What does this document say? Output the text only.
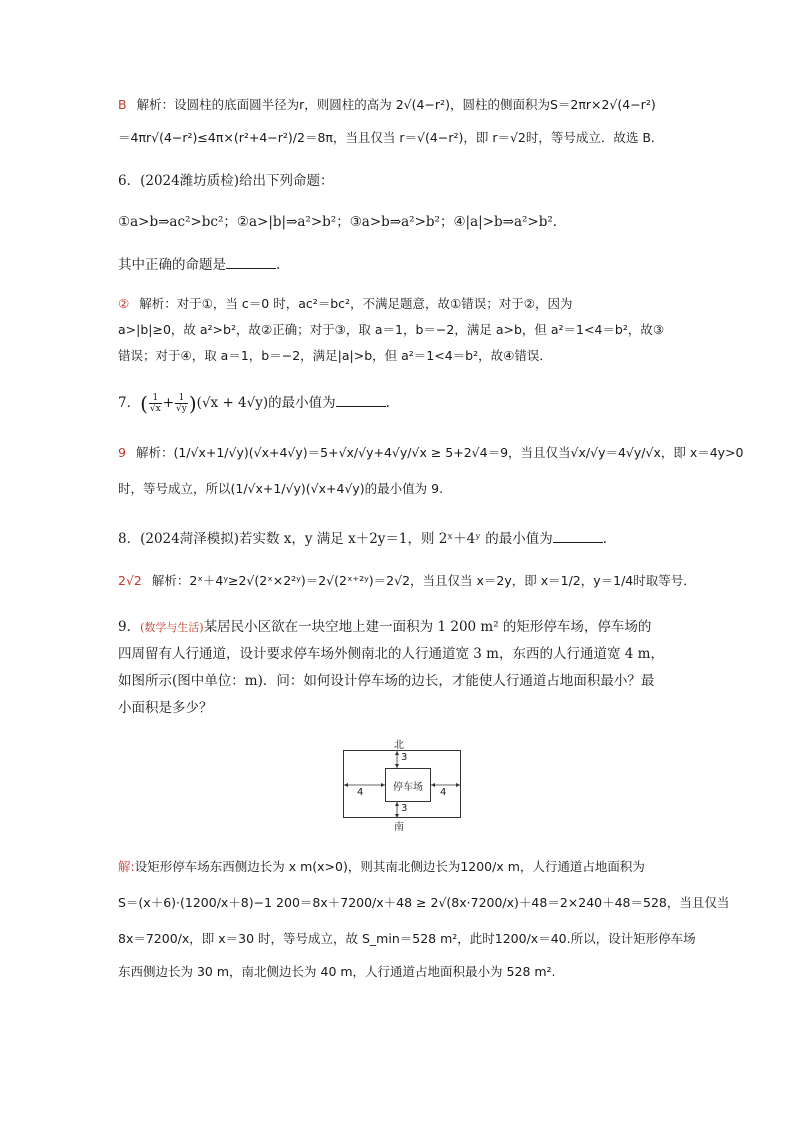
B 解析：设圆柱的底面圆半径为r，则圆柱的高为 2√(4−r²)，圆柱的侧面积为S＝2πr×2√(4−r²)
＝4πr√(4−r²)≤4π×(r²+4−r²)/2＝8π，当且仅当 r＝√(4−r²)，即 r＝√2时，等号成立．故选 B．
6．(2024潍坊质检)给出下列命题：
①a>b⇒ac²>bc²；②a>|b|⇒a²>b²；③a>b⇒a²>b²；④|a|>b⇒a²>b².
其中正确的命题是	.
② 解析：对于①，当 c＝0 时，ac²＝bc²，不满足题意，故①错误；对于②，因为
a>|b|≥0，故 a²>b²，故②正确；对于③，取 a＝1，b＝−2，满足 a>b，但 a²＝1<4＝b²，故③
错误；对于④，取 a＝1，b＝−2，满足|a|>b，但 a²＝1<4＝b²，故④错误．
7．( $\frac{1}{√x} + \frac{1}{√y} )(√x + 4√y)$的最小值为	.
9 解析：(1/√x+1/√y)(√x+4√y)＝5+√x/√y+4√y/√x ≥ 5+2√4＝9，当且仅当√x/√y＝4√y/√x，即 x＝4y>0
时，等号成立，所以(1/√x+1/√y)(√x+4√y)的最小值为 9.
8．(2024菏泽模拟)若实数 x，y 满足 x＋2y＝1，则 2ˣ＋4ʸ 的最小值为	.
2√2 解析：2ˣ＋4ʸ≥2√(2ˣ×2²ʸ)＝2√(2ˣ⁺²ʸ)＝2√2，当且仅当 x＝2y，即 x＝1/2，y＝1/4时取等号．
9．(数学与生活)某居民小区欲在一块空地上建一面积为 1 200 m² 的矩形停车场，停车场的
四周留有人行通道，设计要求停车场外侧南北的人行通道宽 3 m，东西的人行通道宽 4 m，
如图所示(图中单位：m)．问：如何设计停车场的边长，才能使人行通道占地面积最小？最
小面积是多少？
北
停车场
3
3
4	4
南
解:设矩形停车场东西侧边长为 x m(x>0)，则其南北侧边长为1200/x m，人行通道占地面积为
S＝(x＋6)·(1200/x＋8)−1 200＝8x＋7200/x＋48 ≥ 2√(8x·7200/x)＋48＝2×240＋48＝528，当且仅当
8x＝7200/x，即 x＝30 时，等号成立，故 S_min＝528 m²，此时1200/x＝40.所以，设计矩形停车场
东西侧边长为 30 m，南北侧边长为 40 m，人行通道占地面积最小为 528 m².
